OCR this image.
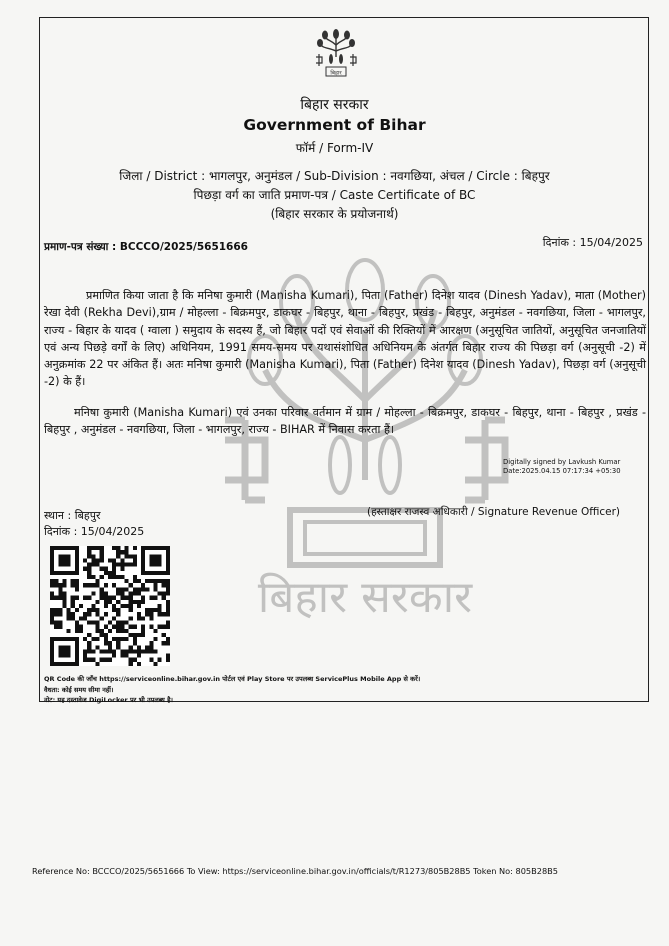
बिहार
बिहार सरकार
बिहार सरकार
Government of Bihar
फॉर्म / Form-IV
जिला / District : भागलपुर, अनुमंडल / Sub-Division : नवगछिया, अंचल / Circle : बिहपुर
पिछड़ा वर्ग का जाति प्रमाण-पत्र / Caste Certificate of BC
(बिहार सरकार के प्रयोजनार्थ)
प्रमाण-पत्र संख्या : BCCCO/2025/5651666	दिनांक : 15/04/2025
प्रमाणित किया जाता है कि मनिषा कुमारी (Manisha Kumari), पिता (Father) दिनेश यादव (Dinesh Yadav), माता (Mother) रेखा देवी (Rekha Devi),ग्राम / मोहल्ला - बिक्रमपुर, डाकघर - बिहपुर, थाना - बिहपुर, प्रखंड - बिहपुर, अनुमंडल - नवगछिया, जिला - भागलपुर, राज्य - बिहार के यादव ( ग्वाला ) समुदाय के सदस्य हैं, जो बिहार पदों एवं सेवाओं की रिक्तियों में आरक्षण (अनुसूचित जातियों, अनुसूचित जनजातियों एवं अन्य पिछड़े वर्गों के लिए) अधिनियम, 1991 समय-समय पर यथासंशोधित अधिनियम के अंतर्गत बिहार राज्य की पिछड़ा वर्ग (अनुसूची -2) में अनुक्रमांक 22 पर अंकित हैं। अतः मनिषा कुमारी (Manisha Kumari), पिता (Father) दिनेश यादव (Dinesh Yadav), पिछड़ा वर्ग (अनुसूची -2) के हैं।
मनिषा कुमारी (Manisha Kumari) एवं उनका परिवार वर्तमान में ग्राम / मोहल्ला - बिक्रमपुर, डाकघर - बिहपुर, थाना - बिहपुर , प्रखंड - बिहपुर , अनुमंडल - नवगछिया, जिला - भागलपुर, राज्य - BIHAR में निवास करता हैं।
Digitally signed by Lavkush Kumar
Date:2025.04.15 07:17:34 +05:30
स्थान : बिहपुर
दिनांक : 15/04/2025
(हस्ताक्षर राजस्व अधिकारी / Signature Revenue Officer)
QR Code की जाँच https://serviceonline.bihar.gov.in पोर्टल एवं Play Store पर उपलब्ध ServicePlus Mobile App से करें।
वैधता: कोई समय सीमा नहीं।
नोट: यह दस्तावेज DigiLocker पर भी उपलब्ध है।
Reference No: BCCCO/2025/5651666 To View: https://serviceonline.bihar.gov.in/officials/t/R1273/805B28B5 Token No: 805B28B5
